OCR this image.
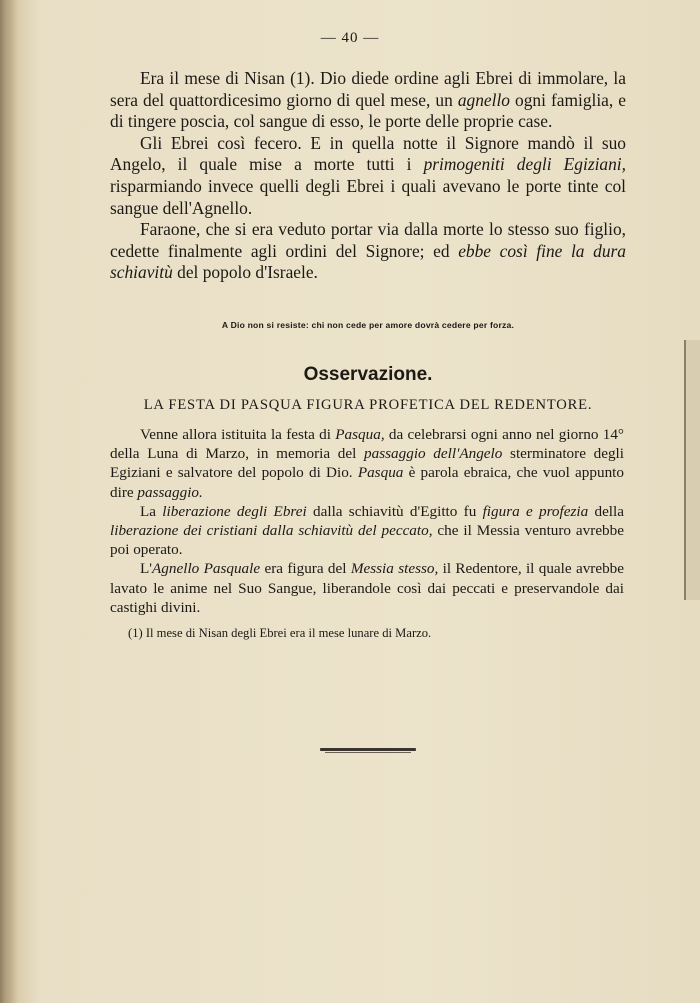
— 40 —

Era il mese di Nisan (1). Dio diede ordine agli Ebrei di immolare, la sera del quattordicesimo giorno di quel mese, un agnello ogni famiglia, e di tingere poscia, col sangue di esso, le porte delle proprie case.

Gli Ebrei così fecero. E in quella notte il Signore mandò il suo Angelo, il quale mise a morte tutti i primogeniti degli Egiziani, risparmiando invece quelli degli Ebrei i quali avevano le porte tinte col sangue dell'Agnello.

Faraone, che si era veduto portar via dalla morte lo stesso suo figlio, cedette finalmente agli ordini del Signore; ed ebbe così fine la dura schiavitù del popolo d'Israele.

A Dio non si resiste: chi non cede per amore dovrà cedere per forza.
Osservazione.
LA FESTA DI PASQUA FIGURA PROFETICA DEL REDENTORE.

Venne allora istituita la festa di Pasqua, da celebrarsi ogni anno nel giorno 14° della Luna di Marzo, in memoria del passaggio dell'Angelo sterminatore degli Egiziani e salvatore del popolo di Dio. Pasqua è parola ebraica, che vuol appunto dire passaggio.

La liberazione degli Ebrei dalla schiavitù d'Egitto fu figura e profezia della liberazione dei cristiani dalla schiavitù del peccato, che il Messia venturo avrebbe poi operato.

L'Agnello Pasquale era figura del Messia stesso, il Redentore, il quale avrebbe lavato le anime nel Suo Sangue, liberandole così dai peccati e preservandole dai castighi divini.

(1) Il mese di Nisan degli Ebrei era il mese lunare di Marzo.
